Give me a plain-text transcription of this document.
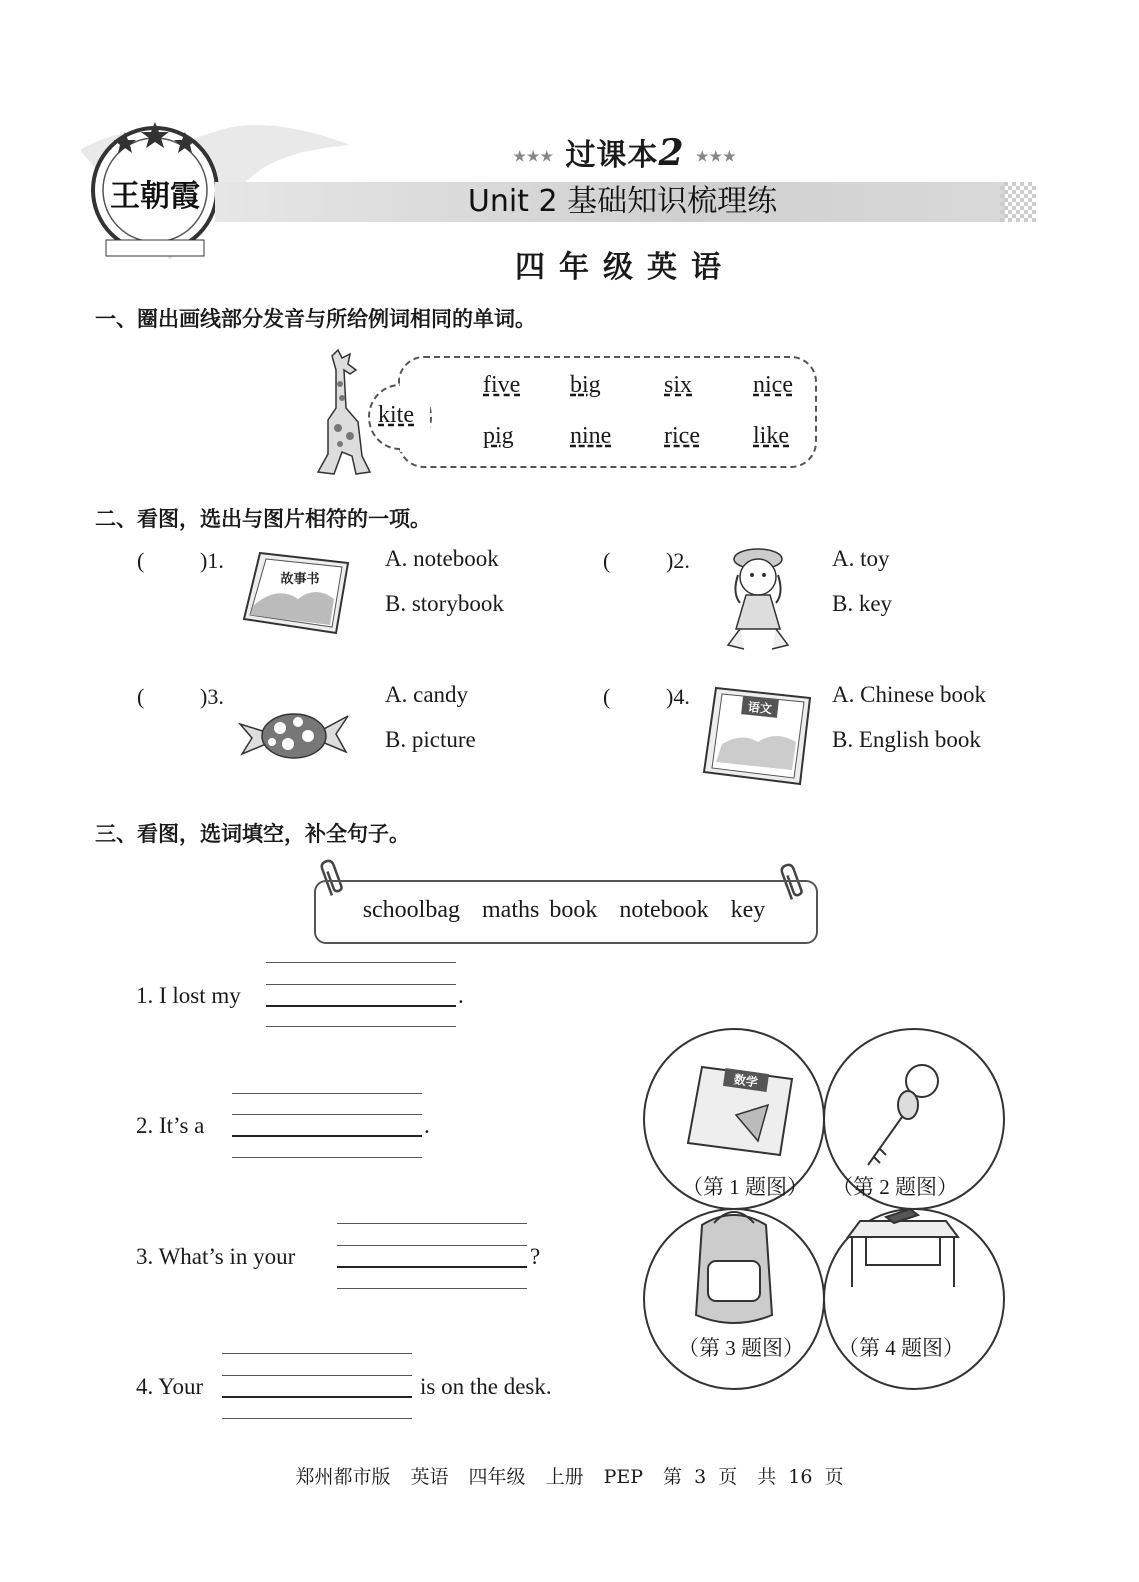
王朝霞
★★★ 过课本2 ★★★
Unit 2 基础知识梳理练
四年级英语
一、圈出画线部分发音与所给例词相同的单词。
kite
five big	six	nice
pig nine rice like
二、看图，选出与图片相符的一项。
(	)1.
故事书
A. notebook
B. storybook
(	)2.	A. toy
B. key
(	)3.	A. candy
B. picture
(	)4.	语文
A. Chinese book
B. English book
三、看图，选词填空，补全句子。
schoolbag maths book notebook key
1. I lost my	.
2. It’s a	.
3. What’s in your	?
4. Your	is on the desk.
数学
（第 1 题图） （第 2 题图）
（第 3 题图） （第 4 题图）
郑州都市版 英语 四年级 上册 PEP 第 3 页 共 16 页
